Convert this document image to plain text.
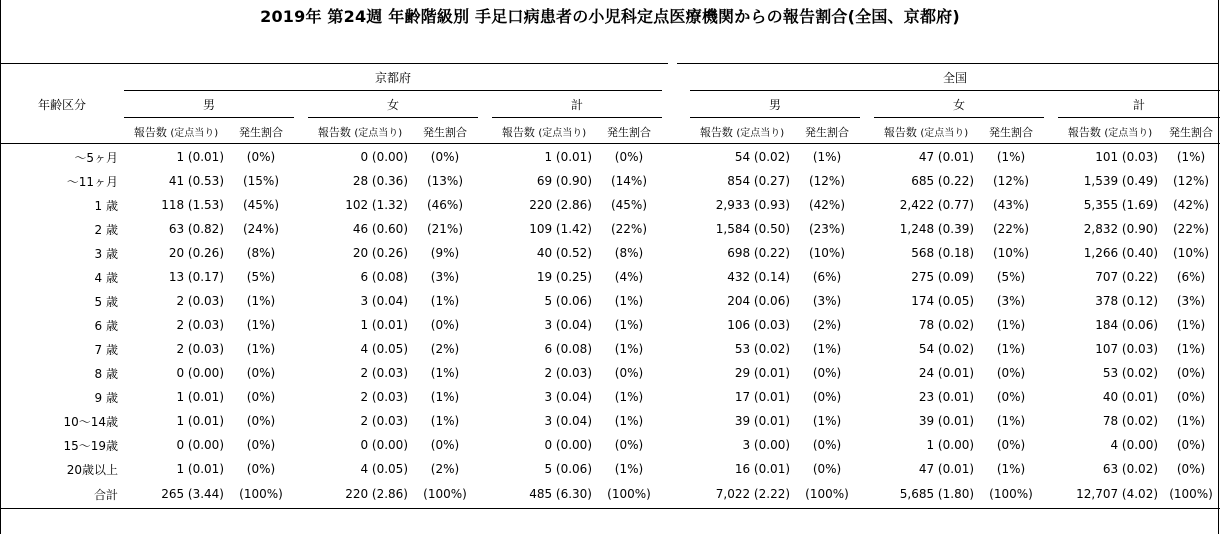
2019年 第24週 年齢階級別 手足口病患者の小児科定点医療機関からの報告割合(全国、京都府)
年齢区分	京都府									全国							
	男			女			計			男			女			計	
	報告数 (定点当り)	発生割合		報告数 (定点当り)	発生割合		報告数 (定点当り)	発生割合		報告数 (定点当り)	発生割合		報告数 (定点当り)	発生割合		報告数 (定点当り)	発生割合
～5ヶ月	1 (0.01)	(0%)		0 (0.00)	(0%)		1 (0.01)	(0%)		54 (0.02)	(1%)		47 (0.01)	(1%)		101 (0.03)	(1%)
～11ヶ月	41 (0.53)	(15%)		28 (0.36)	(13%)		69 (0.90)	(14%)		854 (0.27)	(12%)		685 (0.22)	(12%)		1,539 (0.49)	(12%)
1 歳	118 (1.53)	(45%)		102 (1.32)	(46%)		220 (2.86)	(45%)		2,933 (0.93)	(42%)		2,422 (0.77)	(43%)		5,355 (1.69)	(42%)
2 歳	63 (0.82)	(24%)		46 (0.60)	(21%)		109 (1.42)	(22%)		1,584 (0.50)	(23%)		1,248 (0.39)	(22%)		2,832 (0.90)	(22%)
3 歳	20 (0.26)	(8%)		20 (0.26)	(9%)		40 (0.52)	(8%)		698 (0.22)	(10%)		568 (0.18)	(10%)		1,266 (0.40)	(10%)
4 歳	13 (0.17)	(5%)		6 (0.08)	(3%)		19 (0.25)	(4%)		432 (0.14)	(6%)		275 (0.09)	(5%)		707 (0.22)	(6%)
5 歳	2 (0.03)	(1%)		3 (0.04)	(1%)		5 (0.06)	(1%)		204 (0.06)	(3%)		174 (0.05)	(3%)		378 (0.12)	(3%)
6 歳	2 (0.03)	(1%)		1 (0.01)	(0%)		3 (0.04)	(1%)		106 (0.03)	(2%)		78 (0.02)	(1%)		184 (0.06)	(1%)
7 歳	2 (0.03)	(1%)		4 (0.05)	(2%)		6 (0.08)	(1%)		53 (0.02)	(1%)		54 (0.02)	(1%)		107 (0.03)	(1%)
8 歳	0 (0.00)	(0%)		2 (0.03)	(1%)		2 (0.03)	(0%)		29 (0.01)	(0%)		24 (0.01)	(0%)		53 (0.02)	(0%)
9 歳	1 (0.01)	(0%)		2 (0.03)	(1%)		3 (0.04)	(1%)		17 (0.01)	(0%)		23 (0.01)	(0%)		40 (0.01)	(0%)
10～14歳	1 (0.01)	(0%)		2 (0.03)	(1%)		3 (0.04)	(1%)		39 (0.01)	(1%)		39 (0.01)	(1%)		78 (0.02)	(1%)
15～19歳	0 (0.00)	(0%)		0 (0.00)	(0%)		0 (0.00)	(0%)		3 (0.00)	(0%)		1 (0.00)	(0%)		4 (0.00)	(0%)
20歳以上	1 (0.01)	(0%)		4 (0.05)	(2%)		5 (0.06)	(1%)		16 (0.01)	(0%)		47 (0.01)	(1%)		63 (0.02)	(0%)
合計	265 (3.44)	(100%)		220 (2.86)	(100%)		485 (6.30)	(100%)		7,022 (2.22)	(100%)		5,685 (1.80)	(100%)		12,707 (4.02)	(100%)
